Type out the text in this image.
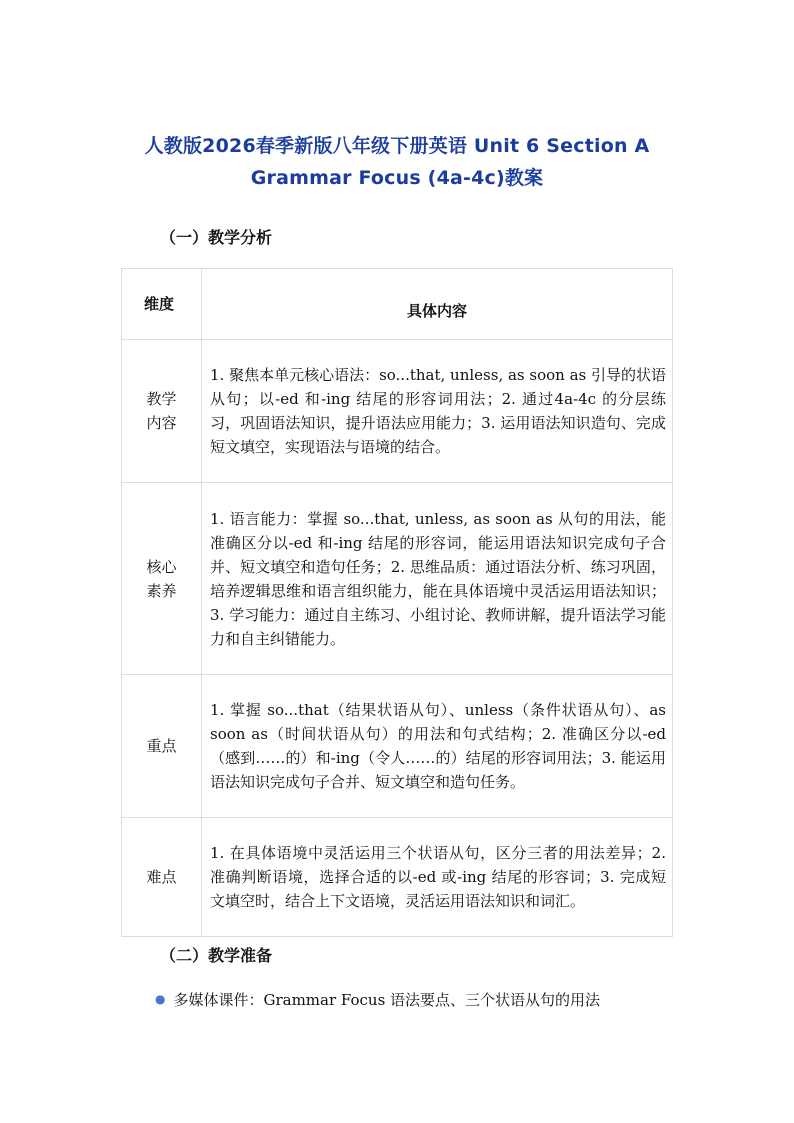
人教版2026春季新版八年级下册英语 Unit 6 Section A
Grammar Focus (4a-4c)教案
（一）教学分析
维度	具体内容

教学
内容	1. 聚焦本单元核心语法：so...that, unless, as soon as 引导的状语从句；以-ed 和-ing 结尾的形容词用法；2. 通过4a-4c 的分层练习，巩固语法知识，提升语法应用能力；3. 运用语法知识造句、完成短文填空，实现语法与语境的结合。

核心
素养	1. 语言能力：掌握 so...that, unless, as soon as 从句的用法，能准确区分以-ed 和-ing 结尾的形容词，能运用语法知识完成句子合并、短文填空和造句任务；2. 思维品质：通过语法分析、练习巩固，培养逻辑思维和语言组织能力，能在具体语境中灵活运用语法知识；3. 学习能力：通过自主练习、小组讨论、教师讲解，提升语法学习能力和自主纠错能力。

重点	1. 掌握 so...that（结果状语从句）、unless（条件状语从句）、as soon as（时间状语从句）的用法和句式结构；2. 准确区分以-ed（感到……的）和-ing（令人……的）结尾的形容词用法；3. 能运用语法知识完成句子合并、短文填空和造句任务。

难点	1. 在具体语境中灵活运用三个状语从句，区分三者的用法差异；2. 准确判断语境，选择合适的以-ed 或-ing 结尾的形容词；3. 完成短文填空时，结合上下文语境，灵活运用语法知识和词汇。
（二）教学准备
● 多媒体课件：Grammar Focus 语法要点、三个状语从句的用法
